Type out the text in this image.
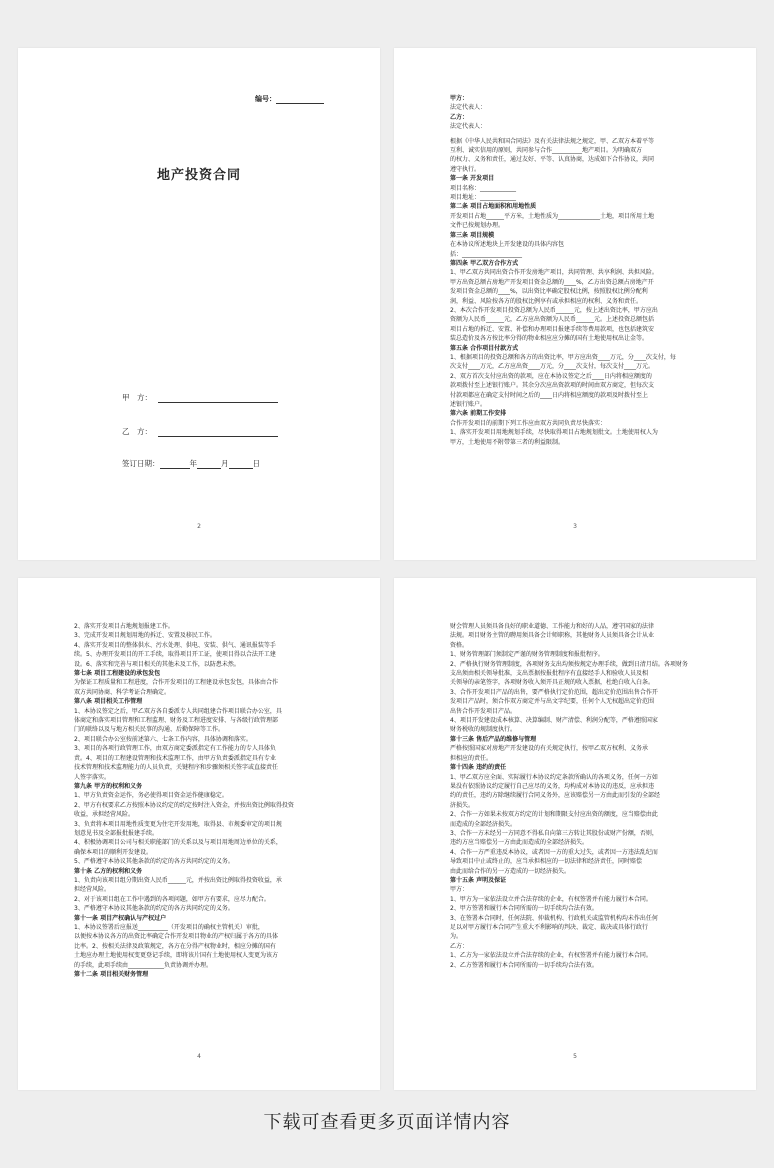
编号：
地产投资合同
甲　方：
乙　方：
签订日期：	年	月	日
2
甲方：
法定代表人：
乙方：
法定代表人：
根据《中华人民共和国合同法》及有关法律法规之规定，甲、乙双方本着平等
互利、诚实信用的原则，共同参与合作__________地产项目。为明确双方
的权力、义务和责任，通过友好、平等、认真协商，达成如下合作协议，共同
遵守执行。
第一条 开发项目
项目名称：____________
项目地址：____________
第二条 项目占地面积和用地性质
开发项目占地______平方米，土地性质为______________土地，项目所用土地
文件已按规划办理。
第三条 项目规模
在本协议所述地块上开发建设的具体内容包
括：____________________
第四条 甲乙双方合作方式
1、甲乙双方共同出资合作开发房地产项目，共同管理、共享利润、共担风险。
甲方出资总额占房地产开发项目资金总额的____%，乙方出资总额占房地产开
发项目资金总额的____%，以出资比率确定股权比例，按照股权比例分配利
润，利益、风险按各方的股权比例享有或承担相应的权利、义务和责任。
2、本次合作开发项目投资总额为人民币______元，按上述出资比率，甲方应出
资额为人民币______元，乙方应出资额为人民币______元。上述投资总额包括
项目占地的拆迁、安置、补偿和办理项目报建手续等费用款项，也包括建筑安
装总造价及各方按比率分得的物业相应应分摊的国有土地使用权出让金等。
第五条 合作项目付款方式
1、根据项目的投资总额和各方的出资比率，甲方应出资____万元，分____次支付，每
次支付____万元，乙方应出资____万元，分____次支付，每次支付____万元。
2、双方首次支付应出资的款项，应在本协议签定之后____日内将相应额度的
款项拨付至上述银行账户。其余分次应出资款项的时间由双方商定，但每次支
付款项都应在确定支付时间之后的____日内将相应额度的款项及时拨付至上
述银行账户。
第六条 前期工作安排
合作开发项目的前期下列工作应由双方共同负责尽快落实：
1、落实开发项目用地规划手续，尽快取得项目占地规划批文。土地使用权人为
甲方，土地使用不附带第三者的利益限制。
3
2、落实开发项目占地规划报建工作。
3、完成开发项目规划用地的拆迁、安置及移民工作。
4、落实开发项目的整体供水、污水处理、供电、安装、供气、通讯报装等手
续。5、办理开发项目的开工手续，取得项目开工证，使项目得以合法开工建
设。6、落实和完善与项目相关的其他未及工作，以防患未然。
第七条 项目工程建设的承包发包
为保证工程质量和工程进度，合作开发项目的工程建设承包发包，具体由合作
双方共同协商、科学考证合理确定。
第八条 项目相关工作管理
1、本协议签定之后，甲乙双方各自委派专人共同组建合作项目联合办公室，具
体商定和落实项目管理和工程监理、财务及工程进度安排、与各级行政管理部
门的联络以及与地方相关民事的沟通、后勤保障等工作。
2、项目联合办公室按前述第六、七条工作内容，具体协调和落实。
3、项目的各项行政管理工作，由双方商定委派指定有工作能力的专人具体负
责。4、项目的工程建设管理和技术监理工作，由甲方负责委派指定具有专业
技术管理和技术监理能力的人员负责，关键程序和步骤须相关签字或直接责任
人签字落实。
第九条 甲方的权利和义务
1、甲方负责资金运作，务必使得项目资金运作健康稳定。
2、甲方有权要求乙方按照本协议约定的约定按时注入资金，并按出资比例取得投资
收益，承担经营风险。
3、负责将本项目用地性质变更为住宅开发用地，取得县、市规委审定的项目规
划意见书及全部报批报建手续。
4、积极协调项目公司与相关职能部门的关系以及与项目用地周边单位的关系，
确保本项目的顺利开发建设。
5、严格遵守本协议其他条款的约定的各方共同约定的义务。
第十条 乙方的权利和义务
1、负责向该项目组分期出资人民币______元，并按出资比例取得投资收益，承
担经营风险。
2、对于该项目组在工作中遇到的各项问题，如甲方有要求，应尽力配合。
3、严格遵守本协议其他条款的约定的各方共同约定的义务。
第十一条 项目产权确认与产权过户
1、本协议签署后应报送__________（开发项目的确权主管机关）审批，
以便按本协议各方的出资比率确定合作开发项目物业的产权归属于各方的具体
比率。2、按相关法律及政策规定，各方在分得产权物业时，相应分摊的国有
土地应办理土地使用权变更登记手续，即将该片国有土地使用权人变更为该方
的手续，此项手续由____________负责协调并办理。
第十二条 项目相关财务管理
4
财会管理人员须具备良好的职业道德、工作能力和好的人品，遵守国家的法律
法规。项目财务主管的聘用须具备会计师职称，其他财务人员须具备会计从业
资格。
1、财务管理部门须制定严谨的财务管理制度和报批程序。
2、严格执行财务管理制度，各项财务支出均须按规定办理手续，做到日清月结。各项财务
支出须由相关领导批准，支出票据按报批程序有直接经手人和验收人员及相
关领导的亲笔签字，各项财务收入须开具正规的收入票据，杜绝白收入白条。
3、合作开发项目产品的出售，要严格执行定价范围，超出定价范围出售合作开
发项目产品时，须合作双方商定并与出文字纪要，任何个人无权超出定价范围
出售合作开发项目产品。
4、项目开发建设成本核算、决算编制、财产清偿、利润分配等，严格遵照国家
财务税收的规制度执行。
第十三条 售后产品的维修与管理
严格按照国家对房地产开发建设的有关规定执行，按甲乙双方权利、义务承
担相应的责任。
第十四条 违约的责任
1、甲乙双方应全面、实际履行本协议约定条款所确认的各项义务，任何一方如
果没有依照协议约定履行自己应尽的义务，均构成对本协议的违反，应承担违
约的责任，违约方除继续履行合同义务外，应该赔偿另一方由此而引发的全部经
济损失。
2、合作一方如果未按双方约定的计划和期限支付应出资的额度，应当赔偿由此
而造成的全部经济损失。
3、合作一方未经另一方同意不得私自向第三方转让其股份或财产份额，否则，
违约方应当赔偿另一方由此而造成的全部经济损失。
4、合作一方严重违反本协议，或者因一方的重大过失，或者因一方违法乱纪而
导致项目中止或终止的，应当承担相应的一切法律和经济责任，同时赔偿
由此而给合作的另一方造成的一切经济损失。
第十五条 声明及保证
甲方：
1、甲方为一家依法设立并合法存续的企业，有权签署并有能力履行本合同。
2、甲方签署和履行本合同所需的一切手续均合法有效。
3、在签署本合同时，任何法院、仲裁机构、行政机关或监管机构均未作出任何
足以对甲方履行本合同产生重大不利影响的判决、裁定、裁决或具体行政行
为。
乙方：
1、乙方为一家依法设立并合法存续的企业，有权签署并有能力履行本合同。
2、乙方签署和履行本合同所需的一切手续均合法有效。
5
下载可查看更多页面详情内容
